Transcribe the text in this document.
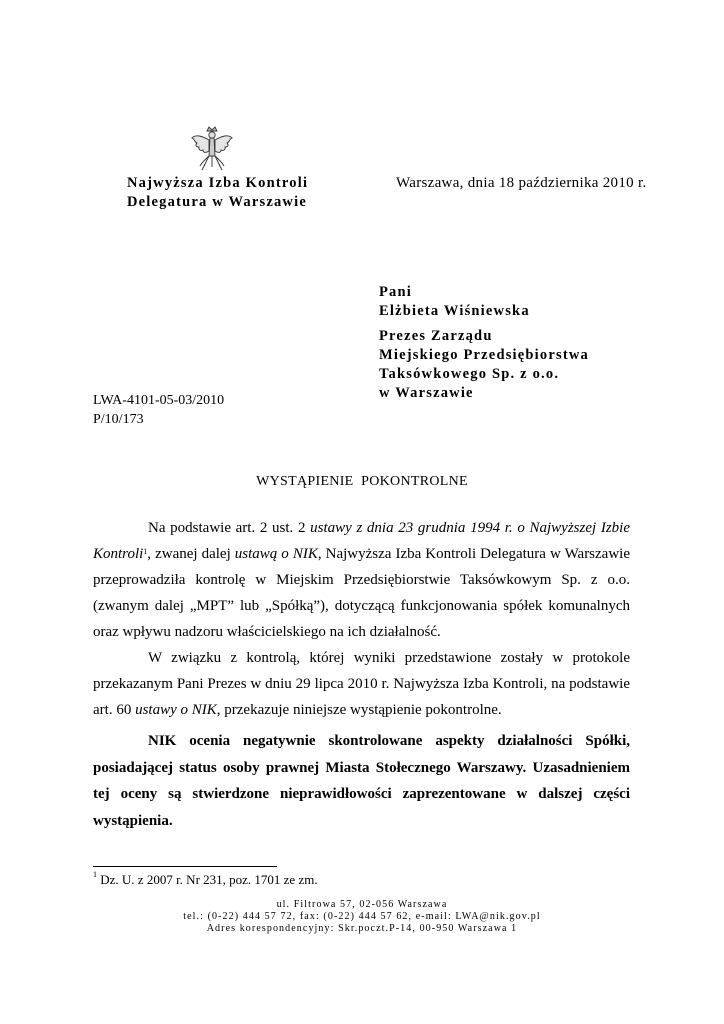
Najwyższa Izba Kontroli
Delegatura w Warszawie
Warszawa, dnia 18 października 2010 r.
Pani
Elżbieta Wiśniewska
Prezes Zarządu
Miejskiego Przedsiębiorstwa
Taksówkowego Sp. z o.o.
w Warszawie
LWA-4101-05-03/2010
P/10/173
WYSTĄPIENIE  POKONTROLNE
Na podstawie art. 2 ust. 2 ustawy z dnia 23 grudnia 1994 r. o Najwyższej Izbie Kontroli$^1$, zwanej dalej ustawą o NIK, Najwyższa Izba Kontroli Delegatura w Warszawie przeprowadziła kontrolę w Miejskim Przedsiębiorstwie Taksówkowym Sp. z o.o. (zwanym dalej „MPT” lub „Spółką”), dotyczącą funkcjonowania spółek komunalnych oraz wpływu nadzoru właścicielskiego na ich działalność.
W związku z kontrolą, której wyniki przedstawione zostały w protokole przekazanym Pani Prezes w dniu 29 lipca 2010 r. Najwyższa Izba Kontroli, na podstawie art. 60 ustawy o NIK, przekazuje niniejsze wystąpienie pokontrolne.
NIK ocenia negatywnie skontrolowane aspekty działalności Spółki, posiadającej status osoby prawnej Miasta Stołecznego Warszawy. Uzasadnieniem tej oceny są stwierdzone nieprawidłowości zaprezentowane w dalszej części wystąpienia.
$^1$ Dz. U. z 2007 r. Nr 231, poz. 1701 ze zm.
ul. Filtrowa 57, 02-056 Warszawa
tel.: (0-22) 444 57 72, fax: (0-22) 444 57 62, e-mail: LWA@nik.gov.pl
Adres korespondencyjny: Skr.poczt.P-14, 00-950 Warszawa 1
